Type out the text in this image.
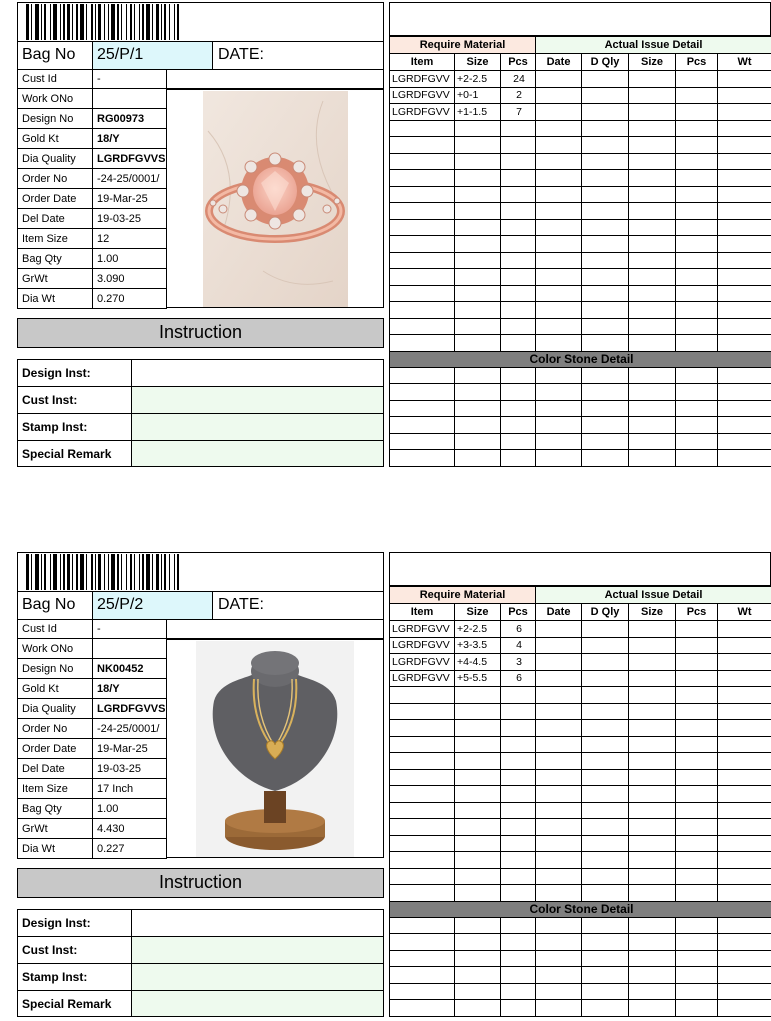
Bag No	25/P/1	DATE:
Cust Id	-
Work ONo	
Design No	RG00973
Gold Kt	18/Y
Dia Quality	LGRDFGVVS
Order No	-24-25/0001/
Order Date	19-Mar-25
Del Date	19-03-25
Item Size	12
Bag Qty	1.00
GrWt	3.090
Dia Wt	0.270
Instruction
Design Inst:	
Cust Inst:	
Stamp Inst:	
Special Remark	
Require Material			Actual Issue Detail				
Item	Size	Pcs	Date	D Qly	Size	Pcs	Wt
LGRDFGVV	+2-2.5	24					
LGRDFGVV	+0-1	2					
LGRDFGVV	+1-1.5	7					

Color Stone Detail							

Bag No	25/P/2	DATE:
Cust Id	-
Work ONo	
Design No	NK00452
Gold Kt	18/Y
Dia Quality	LGRDFGVVS
Order No	-24-25/0001/
Order Date	19-Mar-25
Del Date	19-03-25
Item Size	17 Inch
Bag Qty	1.00
GrWt	4.430
Dia Wt	0.227
Instruction
Design Inst:	
Cust Inst:	
Stamp Inst:	
Special Remark	
Require Material			Actual Issue Detail				
Item	Size	Pcs	Date	D Qly	Size	Pcs	Wt
LGRDFGVV	+2-2.5	6					
LGRDFGVV	+3-3.5	4					
LGRDFGVV	+4-4.5	3					
LGRDFGVV	+5-5.5	6					

Color Stone Detail							
